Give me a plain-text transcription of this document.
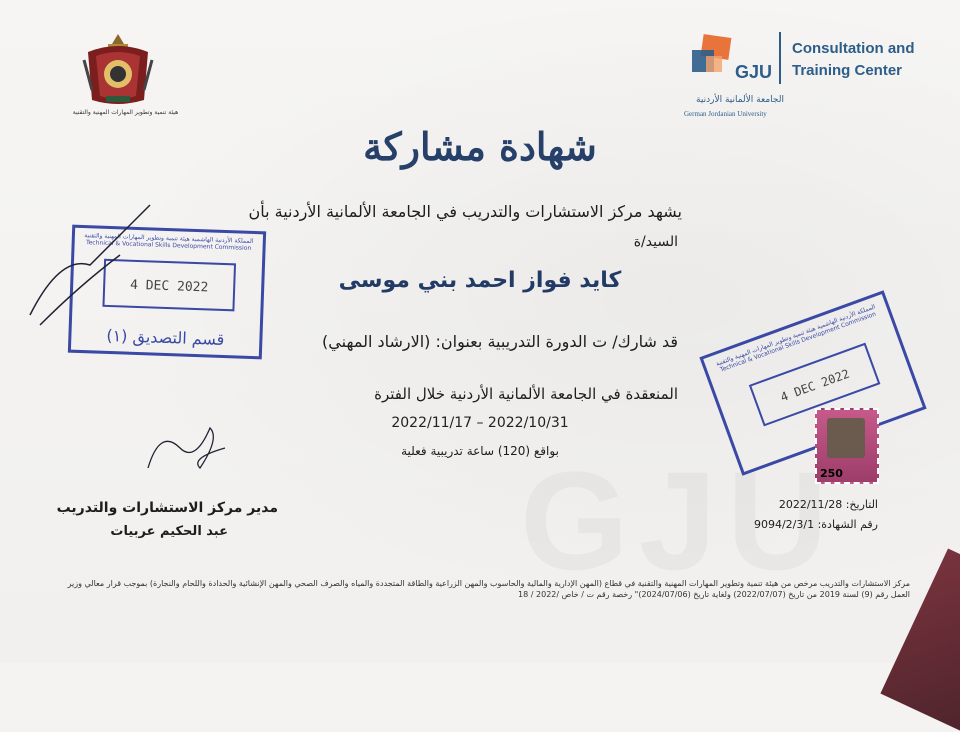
هيئة تنمية وتطوير المهارات المهنية والتقنية
GJU
Consultation and
Training Center
الجامعة الألمانية الأردنية
German Jordanian University
شهادة مشاركة
يشهد مركز الاستشارات والتدريب في الجامعة الألمانية الأردنية بأن
السيد/ة
كايد فواز احمد بني موسى
قد شارك/ ت الدورة التدريبية بعنوان: (الارشاد المهني)
المنعقدة في الجامعة الألمانية الأردنية خلال الفترة
2022/11/17 – 2022/10/31
بواقع (120) ساعة تدريبية فعلية
المملكة الأردنية الهاشمية هيئة تنمية وتطوير المهارات المهنية والتقنية Technical & Vocational Skills Development Commission
4 DEC 2022
قسم التصديق (١)	المملكة الأردنية الهاشمية هيئة تنمية وتطوير المهارات المهنية والتقنية Technical & Vocational Skills Development Commission
4 DEC 2022
250
مدير مركز الاستشارات والتدريب
عبد الحكيم عربيات
التاريخ: 2022/11/28
رقم الشهادة: 9094/2/3/1
مركز الاستشارات والتدريب مرخص من هيئة تنمية وتطوير المهارات المهنية والتقنية في قطاع (المهن الإدارية والمالية والحاسوب والمهن الزراعية والطاقة المتجددة والمياه والصرف الصحي والمهن الإنشائية والحدادة واللحام والنجارة) بموجب قرار معالي وزير
العمل رقم (9) لسنة 2019 من تاريخ (2022/07/07) ولغاية تاريخ (2024/07/06)" رخصة رقم ت / خاص /2022 / 18
